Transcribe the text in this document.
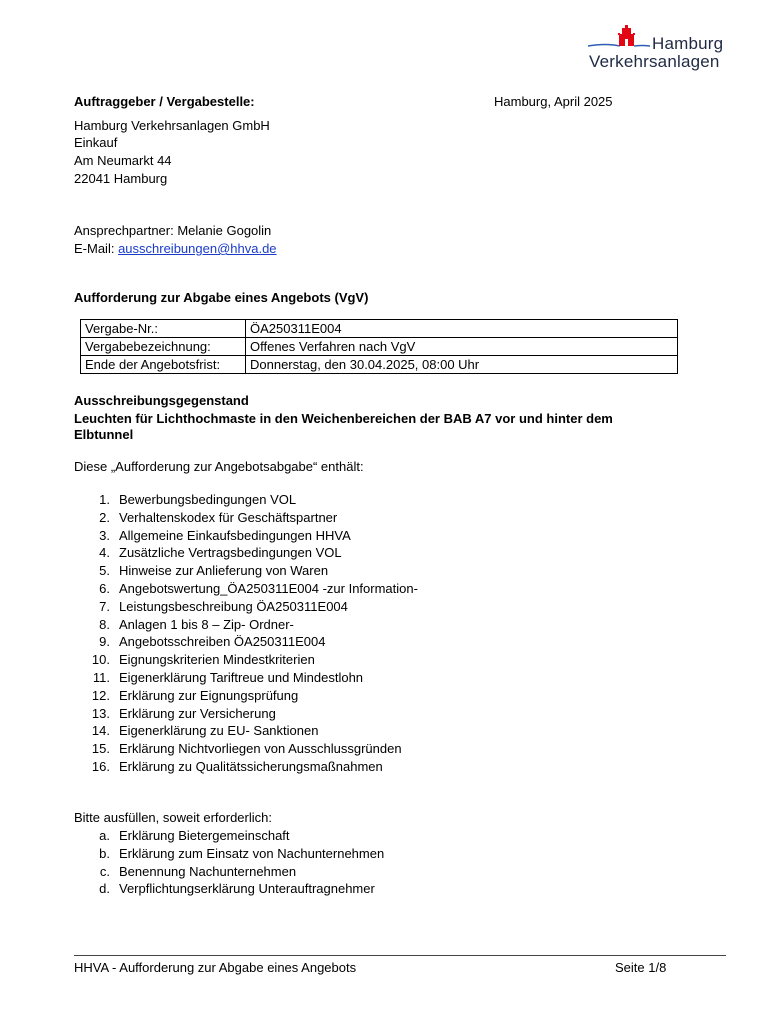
Hamburg
Verkehrsanlagen
Auftraggeber / Vergabestelle:	Hamburg, April 2025
Hamburg Verkehrsanlagen GmbH
Einkauf
Am Neumarkt 44
22041 Hamburg
Ansprechpartner: Melanie Gogolin
E-Mail: ausschreibungen@hhva.de
Aufforderung zur Abgabe eines Angebots (VgV)
Vergabe-Nr.:	ÖA250311E004
Vergabebezeichnung:	Offenes Verfahren nach VgV
Ende der Angebotsfrist:	Donnerstag, den 30.04.2025, 08:00 Uhr
Ausschreibungsgegenstand
Leuchten für Lichthochmaste in den Weichenbereichen der BAB A7 vor und hinter dem
Elbtunnel
Diese „Aufforderung zur Angebotsabgabe“ enthält:
1. Bewerbungsbedingungen VOL
2. Verhaltenskodex für Geschäftspartner
3. Allgemeine Einkaufsbedingungen HHVA
4. Zusätzliche Vertragsbedingungen VOL
5. Hinweise zur Anlieferung von Waren
6. Angebotswertung_ÖA250311E004 -zur Information-
7. Leistungsbeschreibung ÖA250311E004
8. Anlagen 1 bis 8 – Zip- Ordner-
9. Angebotsschreiben ÖA250311E004
10. Eignungskriterien Mindestkriterien
11. Eigenerklärung Tariftreue und Mindestlohn
12. Erklärung zur Eignungsprüfung
13. Erklärung zur Versicherung
14. Eigenerklärung zu EU- Sanktionen
15. Erklärung Nichtvorliegen von Ausschlussgründen
16. Erklärung zu Qualitätssicherungsmaßnahmen
Bitte ausfüllen, soweit erforderlich:
a. Erklärung Bietergemeinschaft
b. Erklärung zum Einsatz von Nachunternehmen
c. Benennung Nachunternehmen
d. Verpflichtungserklärung Unterauftragnehmer
HHVA - Aufforderung zur Abgabe eines Angebots	Seite 1/8
